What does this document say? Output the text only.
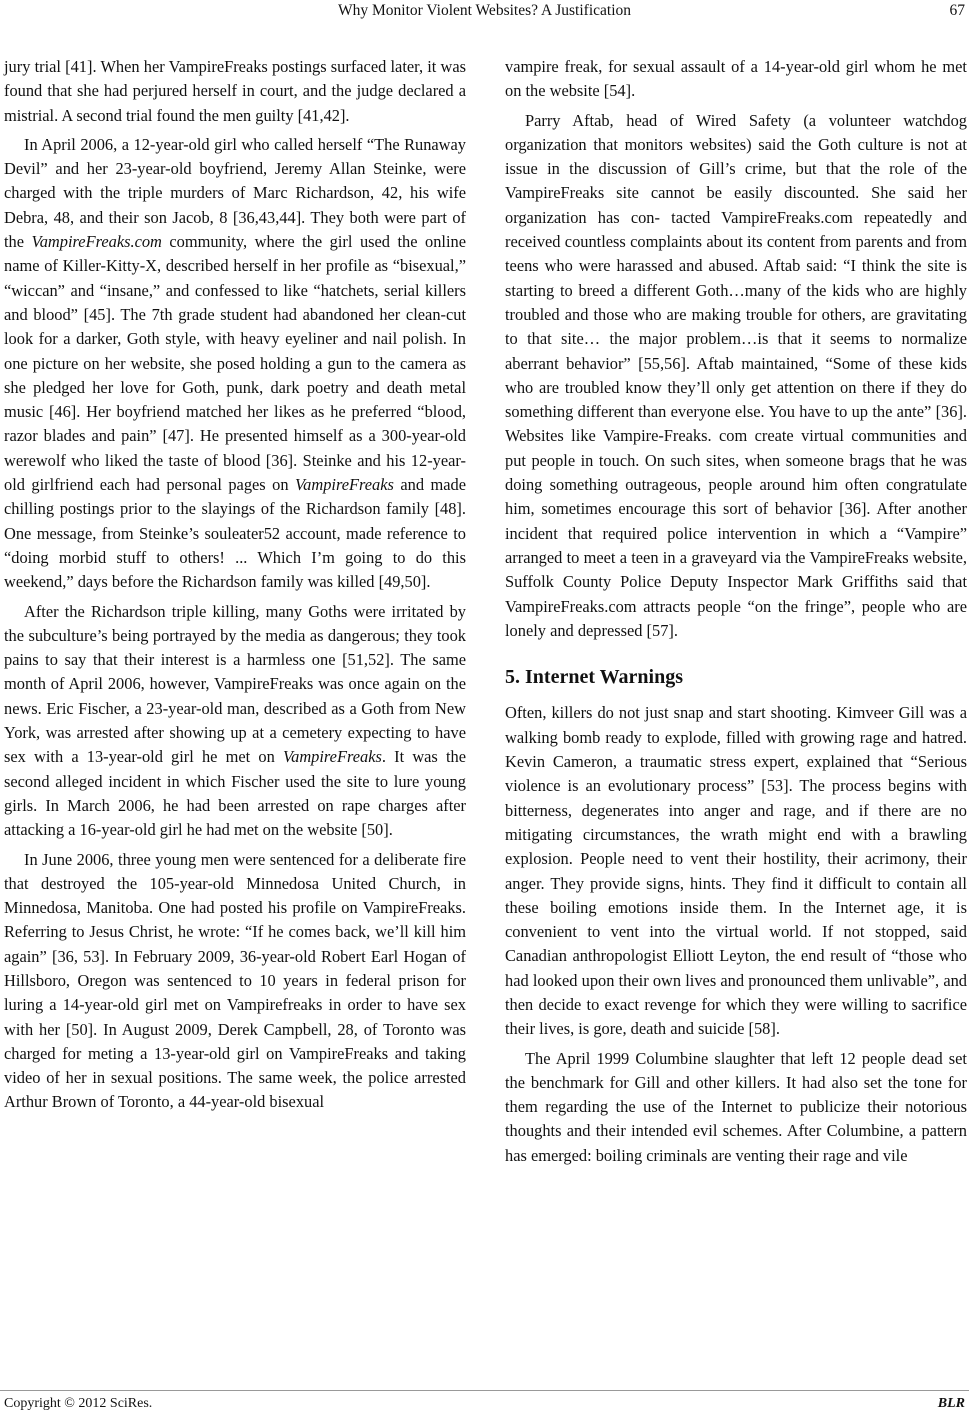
Why Monitor Violent Websites? A Justification	67

jury trial [41]. When her VampireFreaks postings surfaced later, it was found that she had perjured herself in court, and the judge declared a mistrial. A second trial found the men guilty [41,42].

In April 2006, a 12-year-old girl who called herself “The Runaway Devil” and her 23-year-old boyfriend, Jeremy Allan Steinke, were charged with the triple murders of Marc Richardson, 42, his wife Debra, 48, and their son Jacob, 8 [36,43,44]. They both were part of the VampireFreaks.com community, where the girl used the online name of Killer-Kitty-X, described herself in her profile as “bisexual,” “wiccan” and “insane,” and confessed to like “hatchets, serial killers and blood” [45]. The 7th grade student had abandoned her clean-cut look for a darker, Goth style, with heavy eyeliner and nail polish. In one picture on her website, she posed holding a gun to the camera as she pledged her love for Goth, punk, dark poetry and death metal music [46]. Her boyfriend matched her likes as he preferred “blood, razor blades and pain” [47]. He presented himself as a 300-year-old werewolf who liked the taste of blood [36]. Steinke and his 12-year-old girlfriend each had personal pages on VampireFreaks and made chilling postings prior to the slayings of the Richardson family [48]. One message, from Steinke’s souleater52 account, made reference to “doing morbid stuff to others! ... Which I’m going to do this weekend,” days before the Richardson family was killed [49,50].

After the Richardson triple killing, many Goths were irritated by the subculture’s being portrayed by the media as dangerous; they took pains to say that their interest is a harmless one [51,52]. The same month of April 2006, however, VampireFreaks was once again on the news. Eric Fischer, a 23-year-old man, described as a Goth from New York, was arrested after showing up at a cemetery expecting to have sex with a 13-year-old girl he met on VampireFreaks. It was the second alleged incident in which Fischer used the site to lure young girls. In March 2006, he had been arrested on rape charges after attacking a 16-year-old girl he had met on the website [50].

In June 2006, three young men were sentenced for a deliberate fire that destroyed the 105-year-old Minnedosa United Church, in Minnedosa, Manitoba. One had posted his profile on VampireFreaks. Referring to Jesus Christ, he wrote: “If he comes back, we’ll kill him again” [36, 53]. In February 2009, 36-year-old Robert Earl Hogan of Hillsboro, Oregon was sentenced to 10 years in federal prison for luring a 14-year-old girl met on Vampirefreaks in order to have sex with her [50]. In August 2009, Derek Campbell, 28, of Toronto was charged for meting a 13-year-old girl on VampireFreaks and taking video of her in sexual positions. The same week, the police arrested Arthur Brown of Toronto, a 44-year-old bisexual

vampire freak, for sexual assault of a 14-year-old girl whom he met on the website [54].

Parry Aftab, head of Wired Safety (a volunteer watchdog organization that monitors websites) said the Goth culture is not at issue in the discussion of Gill’s crime, but that the role of the VampireFreaks site cannot be easily discounted. She said her organization has con- tacted VampireFreaks.com repeatedly and received countless complaints about its content from parents and from teens who were harassed and abused. Aftab said: “I think the site is starting to breed a different Goth…many of the kids who are highly troubled and those who are making trouble for others, are gravitating to that site… the major problem…is that it seems to normalize aberrant behavior” [55,56]. Aftab maintained, “Some of these kids who are troubled know they’ll only get attention on there if they do something different than everyone else. You have to up the ante” [36]. Websites like Vampire-Freaks. com create virtual communities and put people in touch. On such sites, when someone brags that he was doing something outrageous, people around him often congratulate him, sometimes encourage this sort of behavior [36]. After another incident that required police intervention in which a “Vampire” arranged to meet a teen in a graveyard via the VampireFreaks website, Suffolk County Police Deputy Inspector Mark Griffiths said that VampireFreaks.com attracts people “on the fringe”, people who are lonely and depressed [57].

5. Internet Warnings

Often, killers do not just snap and start shooting. Kimveer Gill was a walking bomb ready to explode, filled with growing rage and hatred. Kevin Cameron, a traumatic stress expert, explained that “Serious violence is an evolutionary process” [53]. The process begins with bitterness, degenerates into anger and rage, and if there are no mitigating circumstances, the wrath might end with a brawling explosion. People need to vent their hostility, their acrimony, their anger. They provide signs, hints. They find it difficult to contain all these boiling emotions inside them. In the Internet age, it is convenient to vent into the virtual world. If not stopped, said Canadian anthropologist Elliott Leyton, the end result of “those who had looked upon their own lives and pronounced them unlivable”, and then decide to exact revenge for which they were willing to sacrifice their lives, is gore, death and suicide [58].

The April 1999 Columbine slaughter that left 12 people dead set the benchmark for Gill and other killers. It had also set the tone for them regarding the use of the Internet to publicize their notorious thoughts and their intended evil schemes. After Columbine, a pattern has emerged: boiling criminals are venting their rage and vile

Copyright © 2012 SciRes.	BLR
